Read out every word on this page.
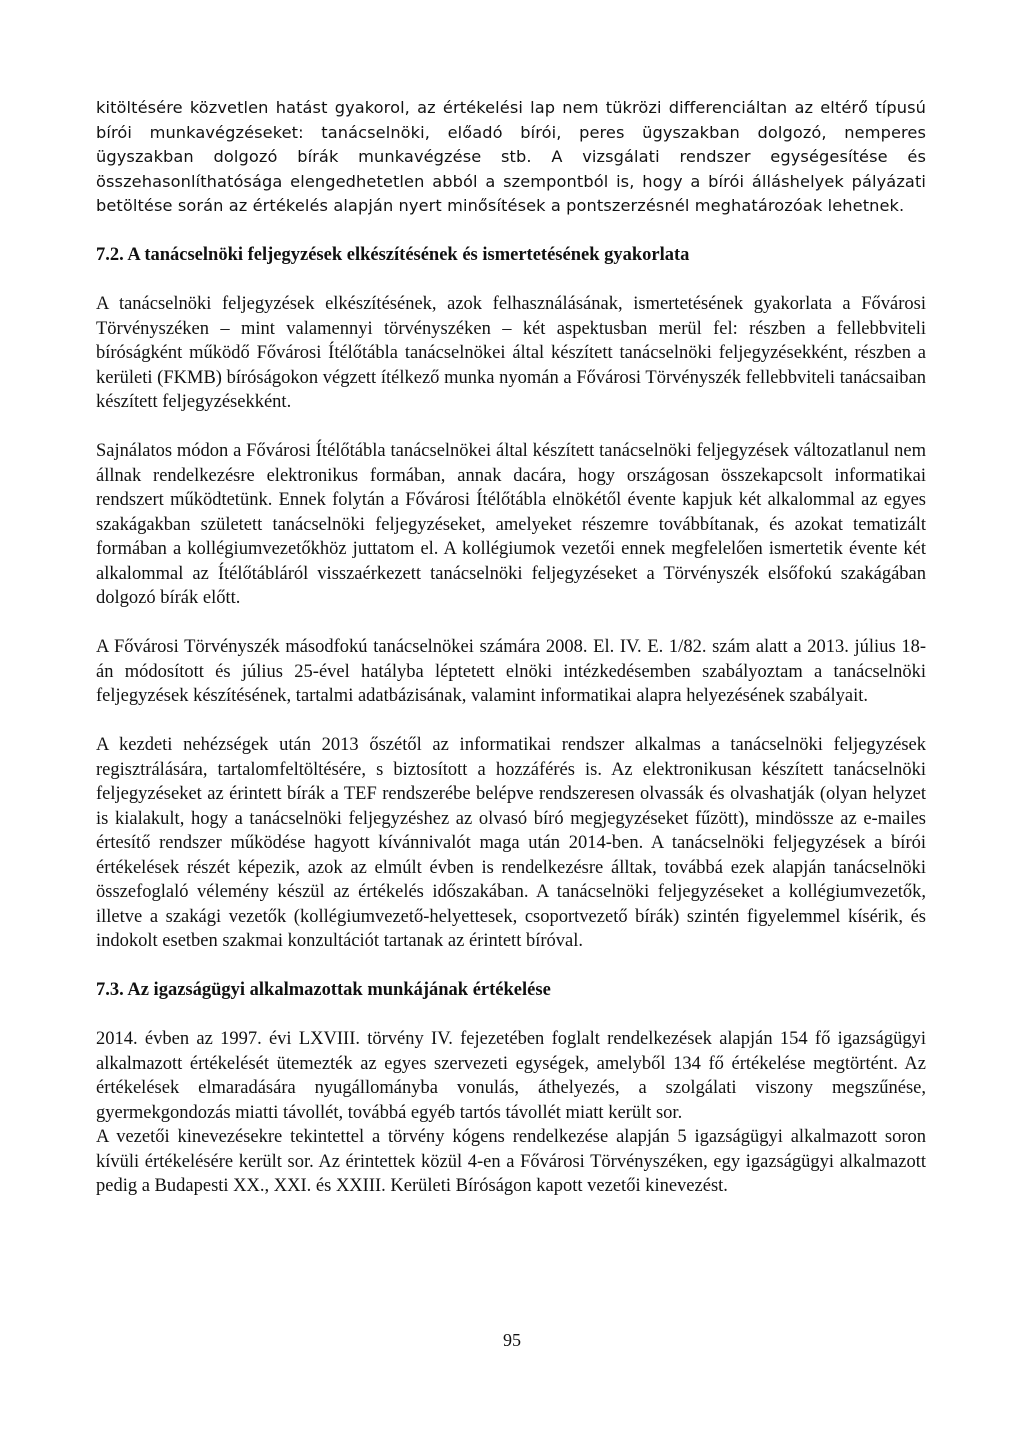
kitöltésére közvetlen hatást gyakorol, az értékelési lap nem tükrözi differenciáltan az eltérő típusú bírói munkavégzéseket: tanácselnöki, előadó bírói, peres ügyszakban dolgozó, nemperes ügyszakban dolgozó bírák munkavégzése stb. A vizsgálati rendszer egységesítése és összehasonlíthatósága elengedhetetlen abból a szempontból is, hogy a bírói álláshelyek pályázati betöltése során az értékelés alapján nyert minősítések a pontszerzésnél meghatározóak lehetnek.

7.2. A tanácselnöki feljegyzések elkészítésének és ismertetésének gyakorlata

A tanácselnöki feljegyzések elkészítésének, azok felhasználásának, ismertetésének gyakorlata a Fővárosi Törvényszéken – mint valamennyi törvényszéken – két aspektusban merül fel: részben a fellebbviteli bíróságként működő Fővárosi Ítélőtábla tanácselnökei által készített tanácselnöki feljegyzésekként, részben a kerületi (FKMB) bíróságokon végzett ítélkező munka nyomán a Fővárosi Törvényszék fellebbviteli tanácsaiban készített feljegyzésekként.

Sajnálatos módon a Fővárosi Ítélőtábla tanácselnökei által készített tanácselnöki feljegyzések változatlanul nem állnak rendelkezésre elektronikus formában, annak dacára, hogy országosan összekapcsolt informatikai rendszert működtetünk. Ennek folytán a Fővárosi Ítélőtábla elnökétől évente kapjuk két alkalommal az egyes szakágakban született tanácselnöki feljegyzéseket, amelyeket részemre továbbítanak, és azokat tematizált formában a kollégiumvezetőkhöz juttatom el. A kollégiumok vezetői ennek megfelelően ismertetik évente két alkalommal az Ítélőtábláról visszaérkezett tanácselnöki feljegyzéseket a Törvényszék elsőfokú szakágában dolgozó bírák előtt.

A Fővárosi Törvényszék másodfokú tanácselnökei számára 2008. El. IV. E. 1/82. szám alatt a 2013. július 18-án módosított és július 25-ével hatályba léptetett elnöki intézkedésemben szabályoztam a tanácselnöki feljegyzések készítésének, tartalmi adatbázisának, valamint informatikai alapra helyezésének szabályait.

A kezdeti nehézségek után 2013 őszétől az informatikai rendszer alkalmas a tanácselnöki feljegyzések regisztrálására, tartalomfeltöltésére, s biztosított a hozzáférés is. Az elektronikusan készített tanácselnöki feljegyzéseket az érintett bírák a TEF rendszerébe belépve rendszeresen olvassák és olvashatják (olyan helyzet is kialakult, hogy a tanácselnöki feljegyzéshez az olvasó bíró megjegyzéseket fűzött), mindössze az e-mailes értesítő rendszer működése hagyott kívánnivalót maga után 2014-ben. A tanácselnöki feljegyzések a bírói értékelések részét képezik, azok az elmúlt évben is rendelkezésre álltak, továbbá ezek alapján tanácselnöki összefoglaló vélemény készül az értékelés időszakában. A tanácselnöki feljegyzéseket a kollégiumvezetők, illetve a szakági vezetők (kollégiumvezető-helyettesek, csoportvezető bírák) szintén figyelemmel kísérik, és indokolt esetben szakmai konzultációt tartanak az érintett bíróval.

7.3. Az igazságügyi alkalmazottak munkájának értékelése

2014. évben az 1997. évi LXVIII. törvény IV. fejezetében foglalt rendelkezések alapján 154 fő igazságügyi alkalmazott értékelését ütemezték az egyes szervezeti egységek, amelyből 134 fő értékelése megtörtént. Az értékelések elmaradására nyugállományba vonulás, áthelyezés, a szolgálati viszony megszűnése, gyermekgondozás miatti távollét, továbbá egyéb tartós távollét miatt került sor.

A vezetői kinevezésekre tekintettel a törvény kógens rendelkezése alapján 5 igazságügyi alkalmazott soron kívüli értékelésére került sor. Az érintettek közül 4-en a Fővárosi Törvényszéken, egy igazságügyi alkalmazott pedig a Budapesti XX., XXI. és XXIII. Kerületi Bíróságon kapott vezetői kinevezést.

95
